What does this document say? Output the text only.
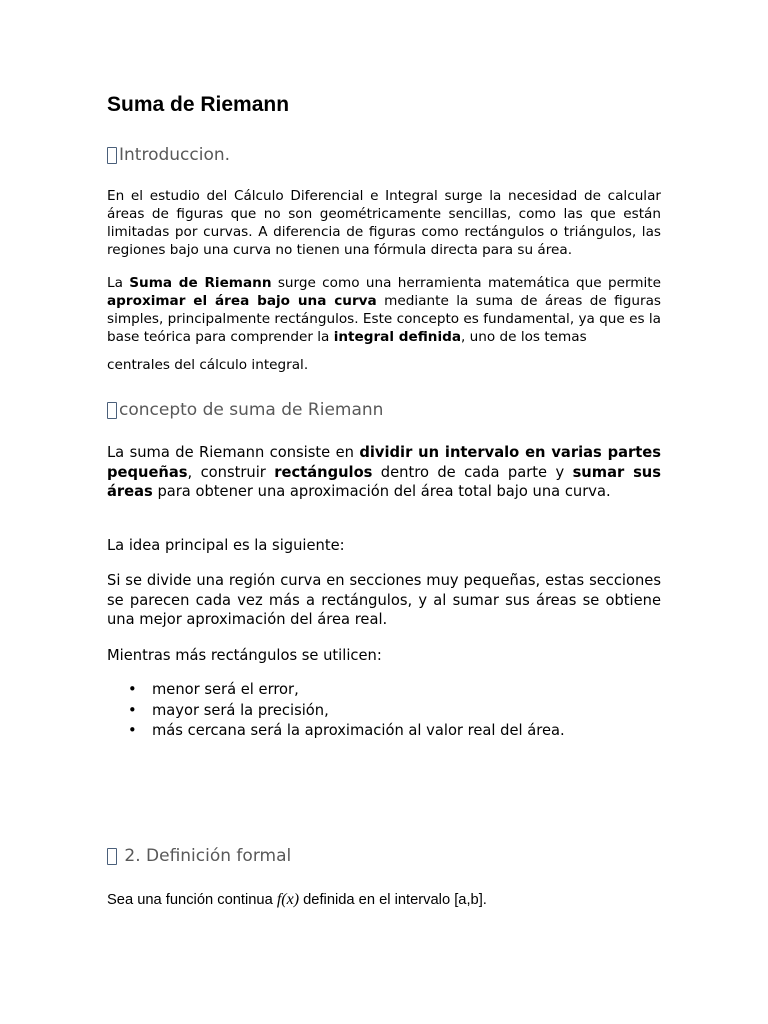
Suma de Riemann
Introduccion.

En el estudio del Cálculo Diferencial e Integral surge la necesidad de calcular áreas de figuras que no son geométricamente sencillas, como las que están limitadas por curvas. A diferencia de figuras como rectángulos o triángulos, las regiones bajo una curva no tienen una fórmula directa para su área.

La Suma de Riemann surge como una herramienta matemática que permite aproximar el área bajo una curva mediante la suma de áreas de figuras simples, principalmente rectángulos. Este concepto es fundamental, ya que es la base teórica para comprender la integral definida, uno de los temas

centrales del cálculo integral.

concepto de suma de Riemann

La suma de Riemann consiste en dividir un intervalo en varias partes pequeñas, construir rectángulos dentro de cada parte y sumar sus áreas para obtener una aproximación del área total bajo una curva.

La idea principal es la siguiente:

Si se divide una región curva en secciones muy pequeñas, estas secciones se parecen cada vez más a rectángulos, y al sumar sus áreas se obtiene una mejor aproximación del área real.

Mientras más rectángulos se utilicen:

• menor será el error,
• mayor será la precisión,
• más cercana será la aproximación al valor real del área.
2. Definición formal

Sea una función continua f(x) definida en el intervalo [a,b].
